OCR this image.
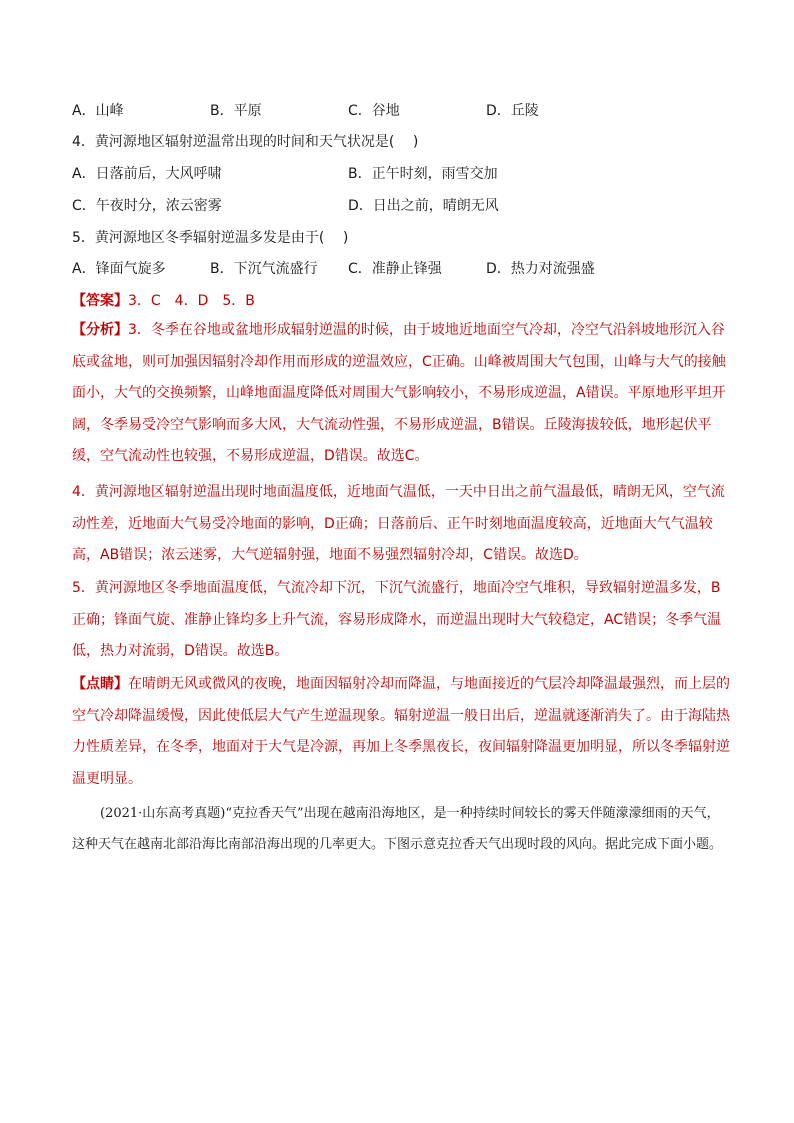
A．山峰	B．平原	C．谷地	D．丘陵
4．黄河源地区辐射逆温常出现的时间和天气状况是(　 )
A．日落前后，大风呼啸	B．正午时刻，雨雪交加
C．午夜时分，浓云密雾	D．日出之前，晴朗无风
5．黄河源地区冬季辐射逆温多发是由于(　 )
A．锋面气旋多	B．下沉气流盛行 C．准静止锋强	D．热力对流强盛
【答案】3．C　4．D　5．B
【分析】3．冬季在谷地或盆地形成辐射逆温的时候，由于坡地近地面空气冷却，冷空气沿斜坡地形沉入谷底或盆地，则可加强因辐射冷却作用而形成的逆温效应，C正确。山峰被周围大气包围，山峰与大气的接触面小，大气的交换频繁，山峰地面温度降低对周围大气影响较小，不易形成逆温，A错误。平原地形平坦开阔，冬季易受冷空气影响而多大风，大气流动性强，不易形成逆温，B错误。丘陵海拔较低，地形起伏平缓，空气流动性也较强，不易形成逆温，D错误。故选C。
4．黄河源地区辐射逆温出现时地面温度低，近地面气温低，一天中日出之前气温最低，晴朗无风，空气流动性差，近地面大气易受冷地面的影响，D正确；日落前后、正午时刻地面温度较高，近地面大气气温较高，AB错误；浓云迷雾，大气逆辐射强，地面不易强烈辐射冷却，C错误。故选D。
5．黄河源地区冬季地面温度低，气流冷却下沉，下沉气流盛行，地面冷空气堆积，导致辐射逆温多发，B正确；锋面气旋、准静止锋均多上升气流，容易形成降水，而逆温出现时大气较稳定，AC错误；冬季气温低，热力对流弱，D错误。故选B。
【点睛】在晴朗无风或微风的夜晚，地面因辐射冷却而降温，与地面接近的气层冷却降温最强烈，而上层的空气冷却降温缓慢，因此使低层大气产生逆温现象。辐射逆温一般日出后，逆温就逐渐消失了。由于海陆热力性质差异，在冬季，地面对于大气是冷源，再加上冬季黑夜长，夜间辐射降温更加明显，所以冬季辐射逆温更明显。
(2021·山东高考真题)“克拉香天气”出现在越南沿海地区，是一种持续时间较长的雾天伴随濛濛细雨的天气，这种天气在越南北部沿海比南部沿海出现的几率更大。下图示意克拉香天气出现时段的风向。据此完成下面小题。
